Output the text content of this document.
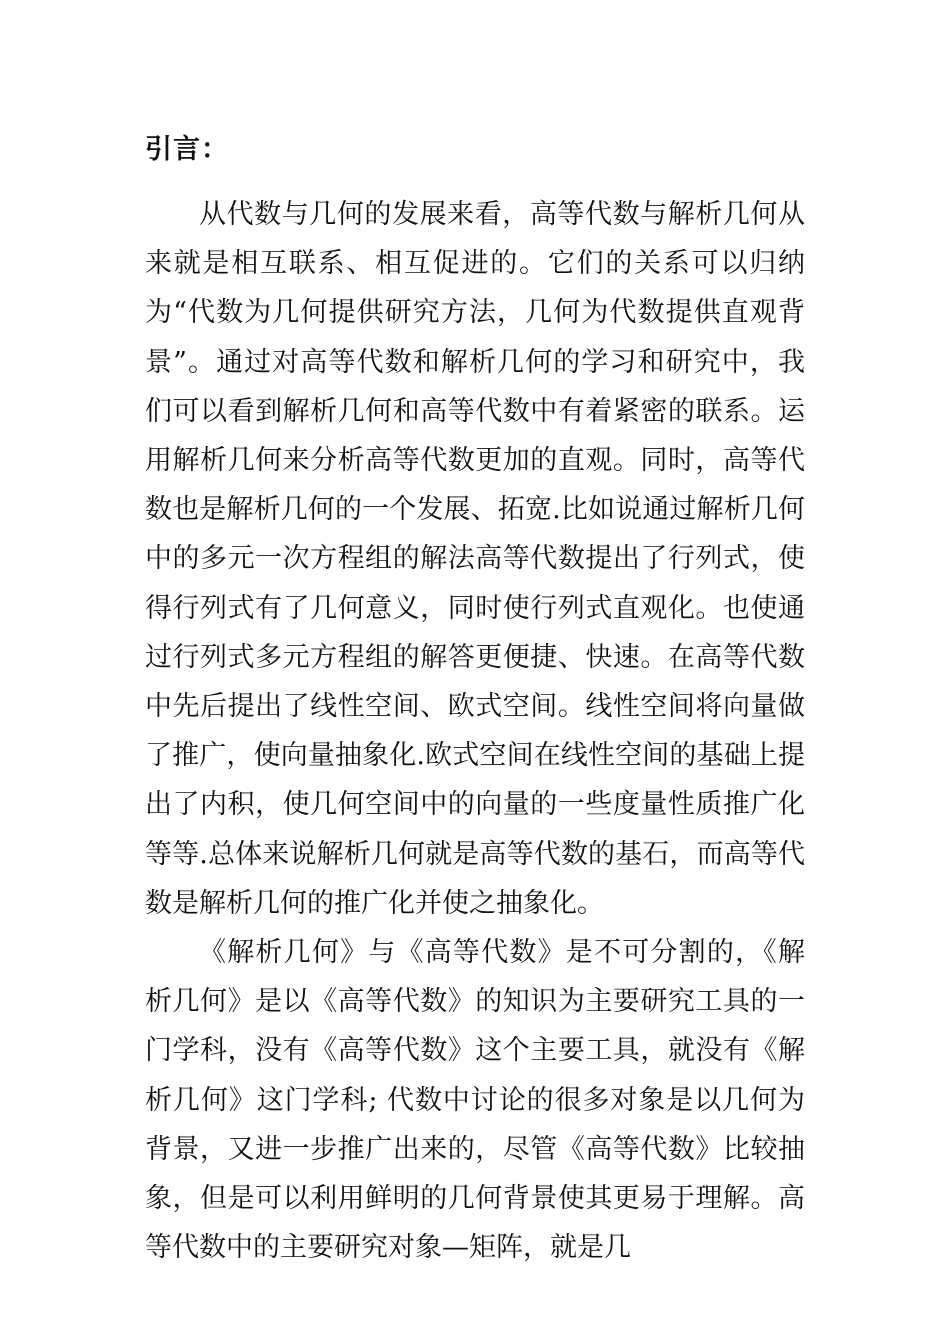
引言：

从代数与几何的发展来看，高等代数与解析几何从来就是相互联系、相互促进的。它们的关系可以归纳为“代数为几何提供研究方法，几何为代数提供直观背景”。通过对高等代数和解析几何的学习和研究中，我们可以看到解析几何和高等代数中有着紧密的联系。运用解析几何来分析高等代数更加的直观。同时，高等代数也是解析几何的一个发展、拓宽.比如说通过解析几何中的多元一次方程组的解法高等代数提出了行列式，使得行列式有了几何意义，同时使行列式直观化。也使通过行列式多元方程组的解答更便捷、快速。在高等代数中先后提出了线性空间、欧式空间。线性空间将向量做了推广，使向量抽象化.欧式空间在线性空间的基础上提出了内积，使几何空间中的向量的一些度量性质推广化等等.总体来说解析几何就是高等代数的基石，而高等代数是解析几何的推广化并使之抽象化。

《解析几何》与《高等代数》是不可分割的，《解析几何》是以《高等代数》的知识为主要研究工具的一门学科，没有《高等代数》这个主要工具，就没有《解析几何》这门学科; 代数中讨论的很多对象是以几何为背景，又进一步推广出来的，尽管《高等代数》比较抽象，但是可以利用鲜明的几何背景使其更易于理解。高等代数中的主要研究对象—矩阵，就是几
